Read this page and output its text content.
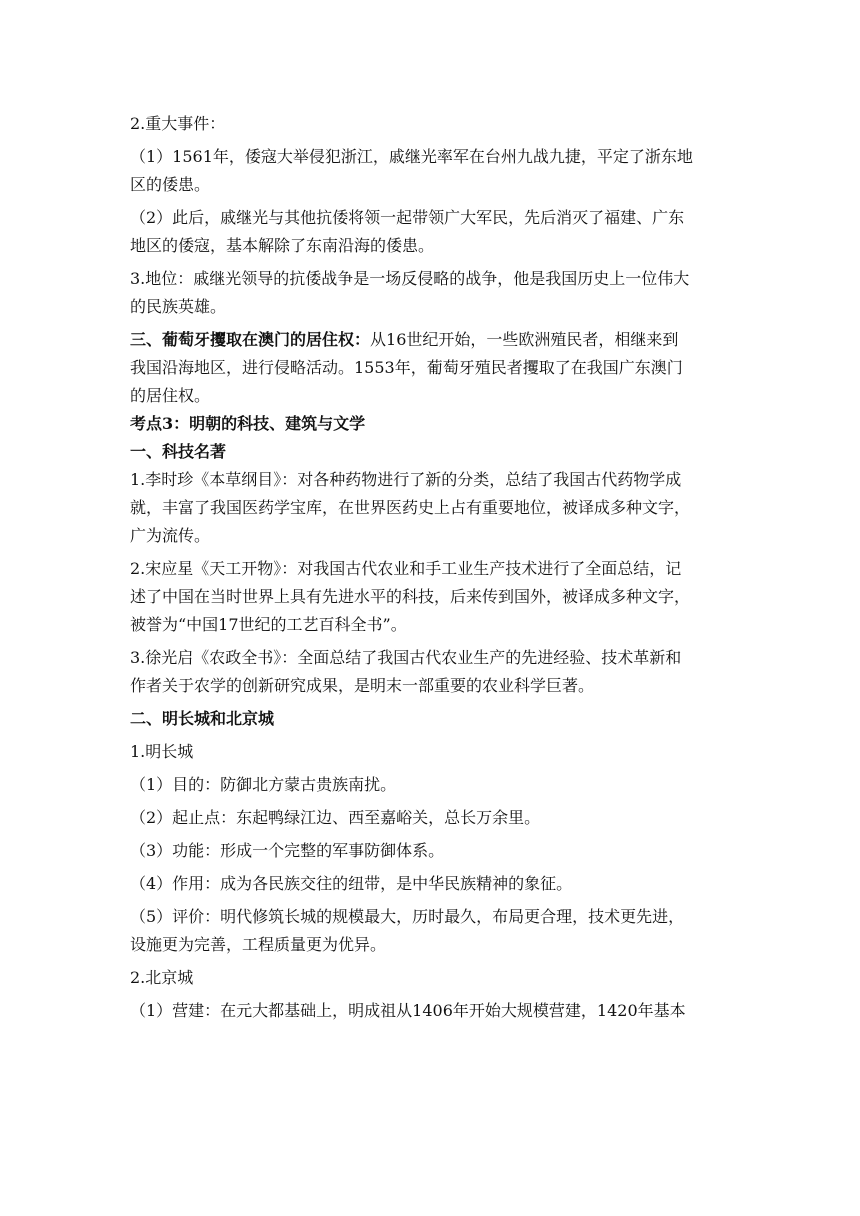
2.重大事件：
（1）1561年，倭寇大举侵犯浙江，戚继光率军在台州九战九捷，平定了浙东地
区的倭患。
（2）此后，戚继光与其他抗倭将领一起带领广大军民，先后消灭了福建、广东
地区的倭寇，基本解除了东南沿海的倭患。
3.地位：戚继光领导的抗倭战争是一场反侵略的战争，他是我国历史上一位伟大
的民族英雄。
三、葡萄牙攫取在澳门的居住权：从16世纪开始，一些欧洲殖民者，相继来到
我国沿海地区，进行侵略活动。1553年，葡萄牙殖民者攫取了在我国广东澳门
的居住权。
考点3：明朝的科技、建筑与文学
一、科技名著
1.李时珍《本草纲目》：对各种药物进行了新的分类，总结了我国古代药物学成
就，丰富了我国医药学宝库，在世界医药史上占有重要地位，被译成多种文字，
广为流传。
2.宋应星《天工开物》：对我国古代农业和手工业生产技术进行了全面总结，记
述了中国在当时世界上具有先进水平的科技，后来传到国外，被译成多种文字，
被誉为“中国17世纪的工艺百科全书”。
3.徐光启《农政全书》：全面总结了我国古代农业生产的先进经验、技术革新和
作者关于农学的创新研究成果，是明末一部重要的农业科学巨著。
二、明长城和北京城
1.明长城
（1）目的：防御北方蒙古贵族南扰。
（2）起止点：东起鸭绿江边、西至嘉峪关，总长万余里。
（3）功能：形成一个完整的军事防御体系。
（4）作用：成为各民族交往的纽带，是中华民族精神的象征。
（5）评价：明代修筑长城的规模最大，历时最久，布局更合理，技术更先进，
设施更为完善，工程质量更为优异。
2.北京城
（1）营建：在元大都基础上，明成祖从1406年开始大规模营建，1420年基本
